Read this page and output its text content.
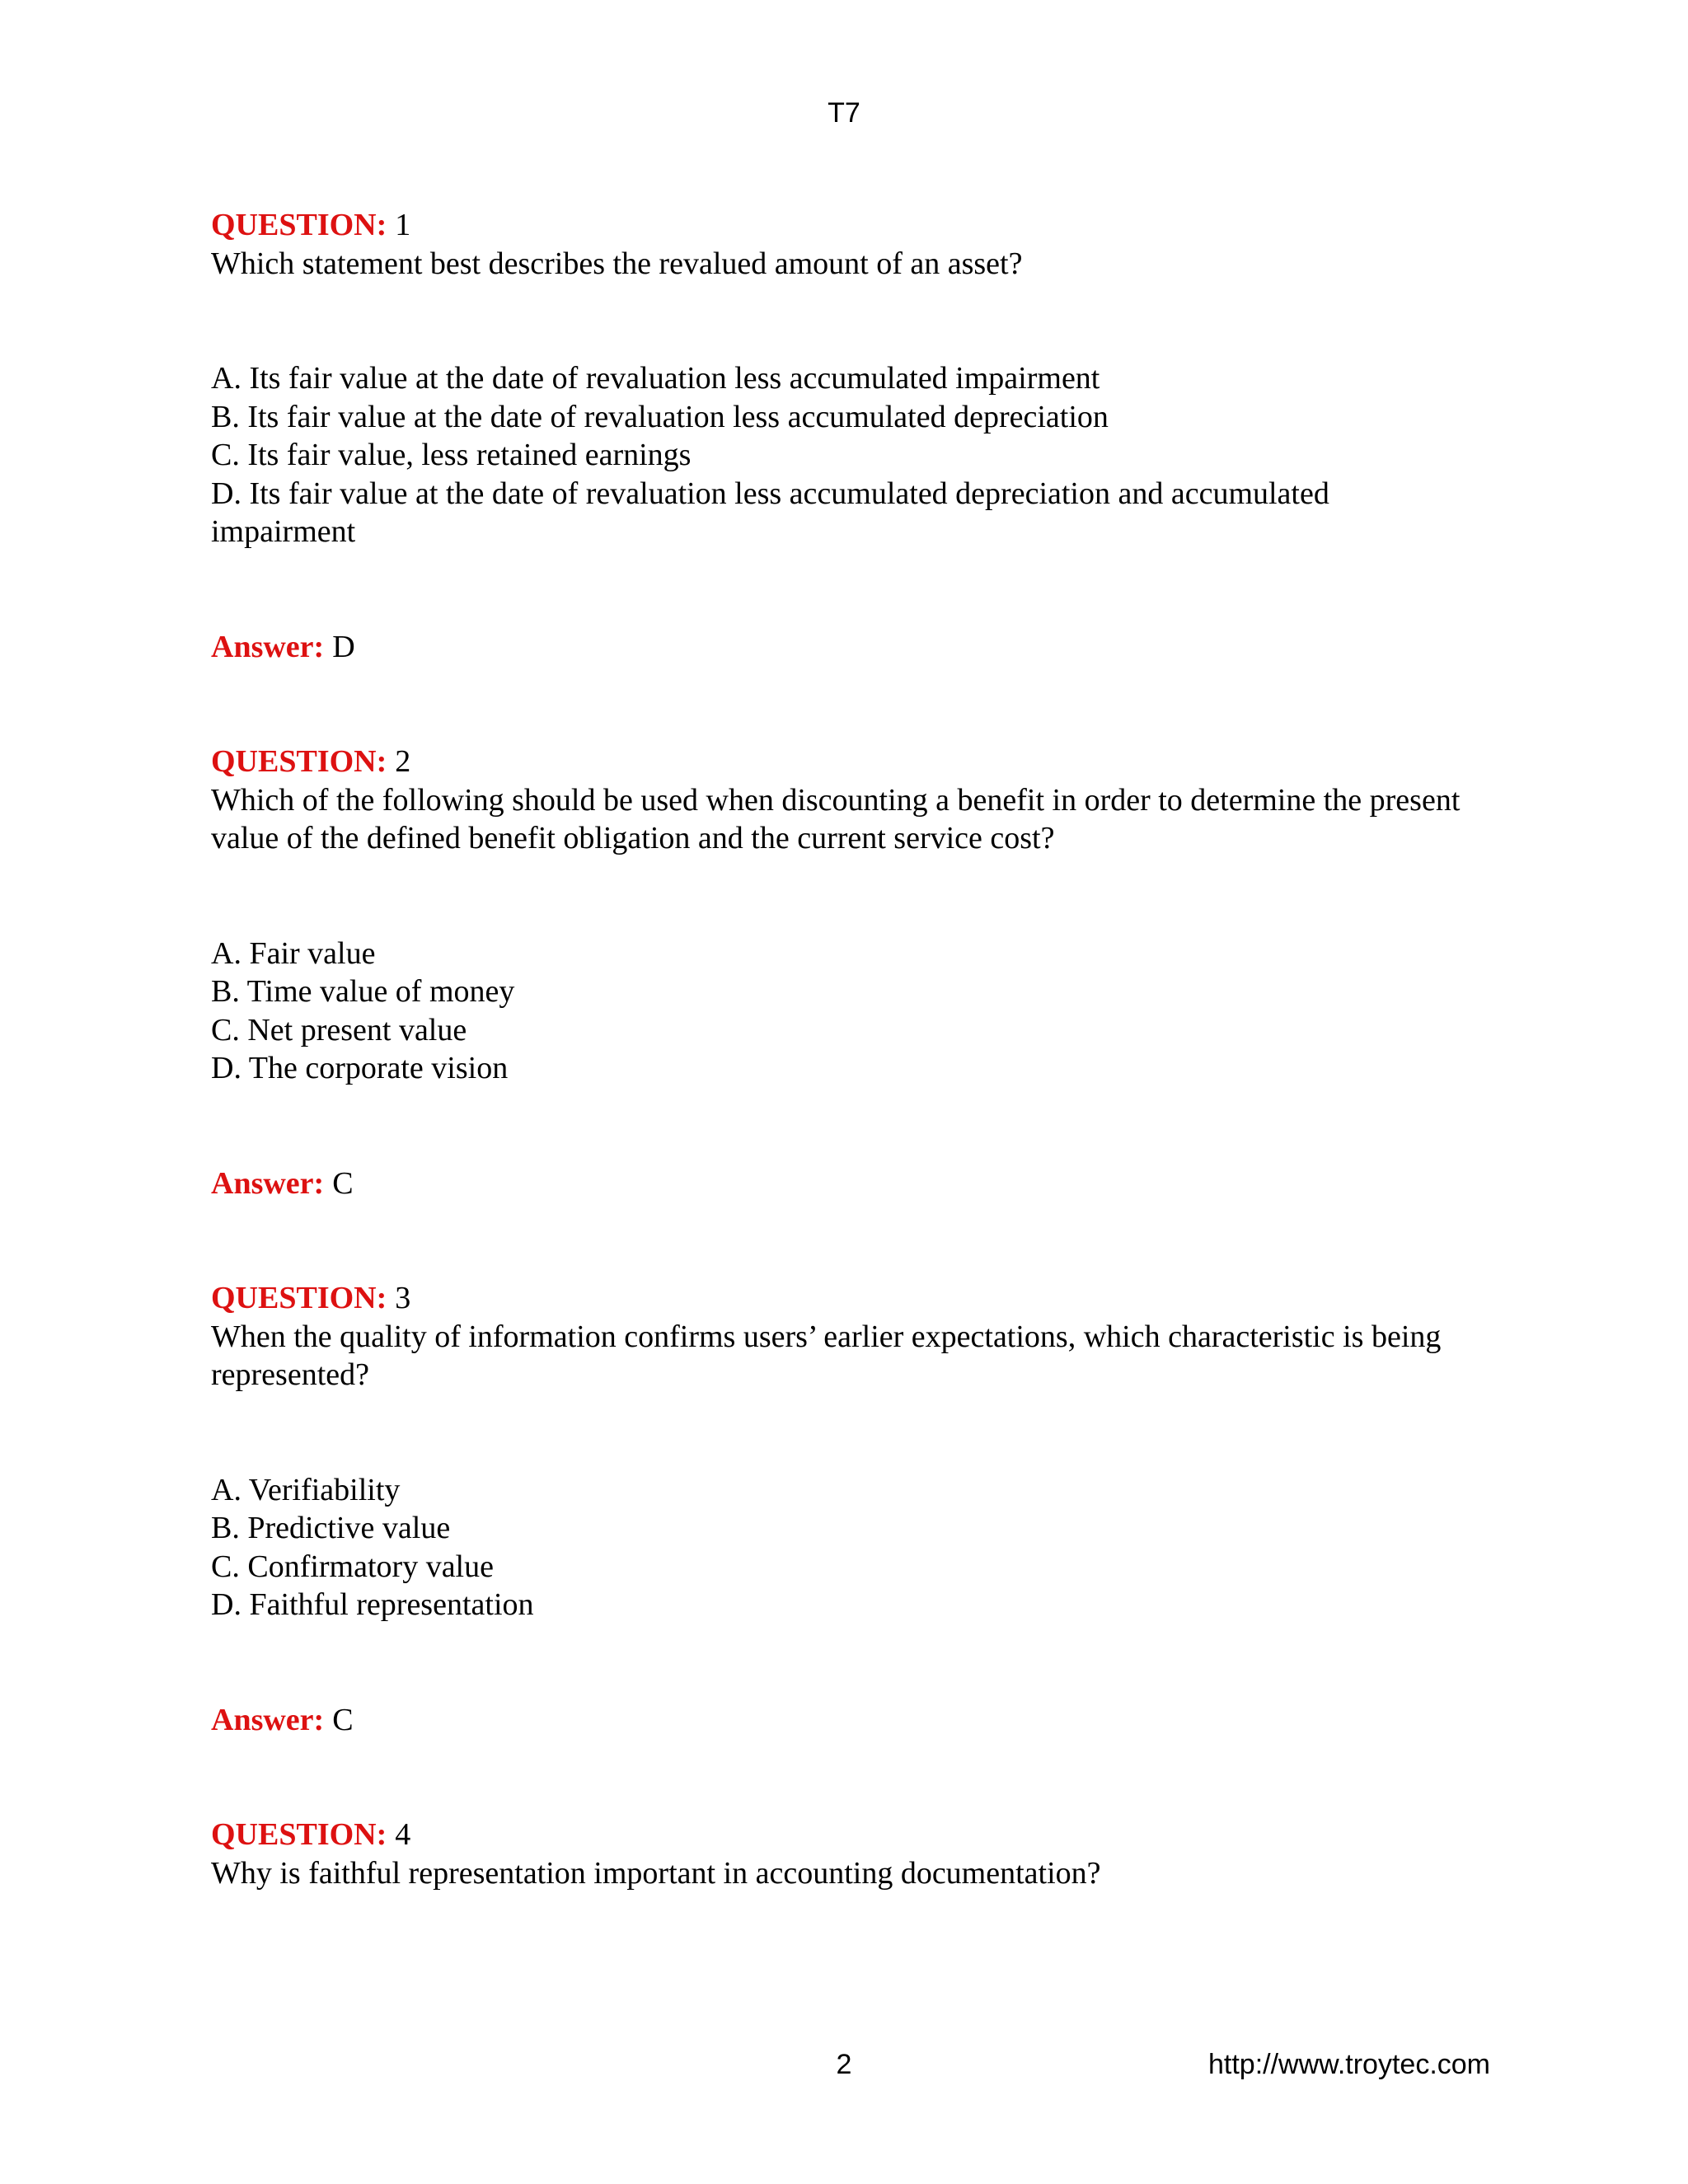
T7
QUESTION: 1
Which statement best describes the revalued amount of an asset?
A. Its fair value at the date of revaluation less accumulated impairment
B. Its fair value at the date of revaluation less accumulated depreciation
C. Its fair value, less retained earnings
D. Its fair value at the date of revaluation less accumulated depreciation and accumulated impairment
Answer: D
QUESTION: 2
Which of the following should be used when discounting a benefit in order to determine the present value of the defined benefit obligation and the current service cost?
A. Fair value
B. Time value of money
C. Net present value
D. The corporate vision
Answer: C
QUESTION: 3
When the quality of information confirms users’ earlier expectations, which characteristic is being represented?
A. Verifiability
B. Predictive value
C. Confirmatory value
D. Faithful representation
Answer: C
QUESTION: 4
Why is faithful representation important in accounting documentation?
2	http://www.troytec.com
